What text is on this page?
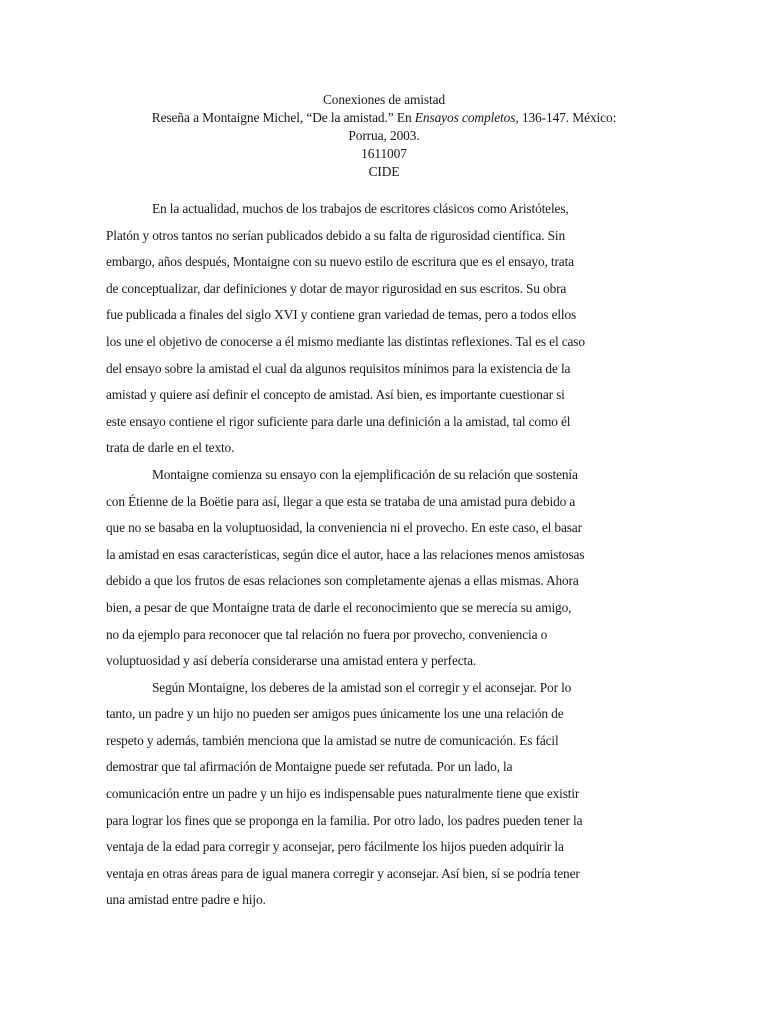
Conexiones de amistad
Reseña a Montaigne Michel, “De la amistad.” En Ensayos completos, 136-147. México:
Porrua, 2003.
1611007
CIDE

En la actualidad, muchos de los trabajos de escritores clásicos como Aristóteles,
Platón y otros tantos no serían publicados debido a su falta de rigurosidad científica. Sin
embargo, años después, Montaigne con su nuevo estilo de escritura que es el ensayo, trata
de conceptualizar, dar definiciones y dotar de mayor rigurosidad en sus escritos. Su obra
fue publicada a finales del siglo XVI y contiene gran variedad de temas, pero a todos ellos
los une el objetivo de conocerse a él mismo mediante las distintas reflexiones. Tal es el caso
del ensayo sobre la amistad el cual da algunos requisitos mínimos para la existencia de la
amistad y quiere así definir el concepto de amistad. Así bien, es importante cuestionar si
este ensayo contiene el rigor suficiente para darle una definición a la amistad, tal como él
trata de darle en el texto.

Montaigne comienza su ensayo con la ejemplificación de su relación que sostenía
con Étienne de la Boëtie para así, llegar a que esta se trataba de una amistad pura debido a
que no se basaba en la voluptuosidad, la conveniencia ni el provecho. En este caso, el basar
la amistad en esas características, según dice el autor, hace a las relaciones menos amistosas
debido a que los frutos de esas relaciones son completamente ajenas a ellas mismas. Ahora
bien, a pesar de que Montaigne trata de darle el reconocimiento que se merecía su amigo,
no da ejemplo para reconocer que tal relación no fuera por provecho, conveniencia o
voluptuosidad y así debería considerarse una amistad entera y perfecta.

Según Montaigne, los deberes de la amistad son el corregir y el aconsejar. Por lo
tanto, un padre y un hijo no pueden ser amigos pues únicamente los une una relación de
respeto y además, también menciona que la amistad se nutre de comunicación. Es fácil
demostrar que tal afirmación de Montaigne puede ser refutada. Por un lado, la
comunicación entre un padre y un hijo es indispensable pues naturalmente tiene que existir
para lograr los fines que se proponga en la familia. Por otro lado, los padres pueden tener la
ventaja de la edad para corregir y aconsejar, pero fácilmente los hijos pueden adquirir la
ventaja en otras áreas para de igual manera corregir y aconsejar. Así bien, sí se podría tener
una amistad entre padre e hijo.
